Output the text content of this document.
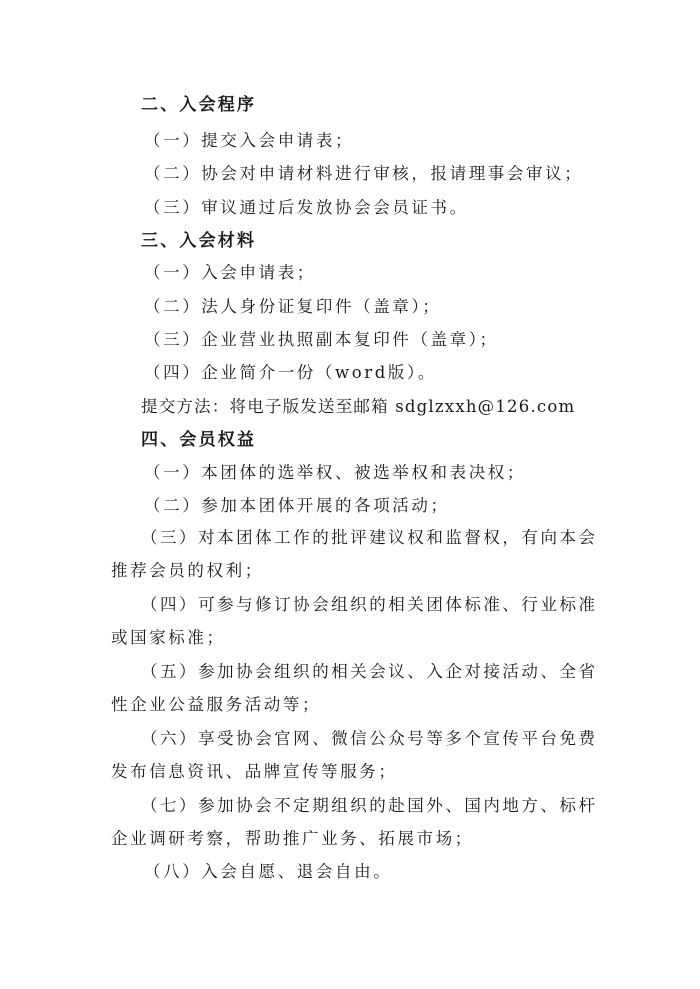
二、入会程序
（一）提交入会申请表；
（二）协会对申请材料进行审核，报请理事会审议；
（三）审议通过后发放协会会员证书。
三、入会材料
（一）入会申请表；
（二）法人身份证复印件（盖章）；
（三）企业营业执照副本复印件（盖章）；
（四）企业简介一份（word版）。
提交方法：将电子版发送至邮箱 sdglzxxh@126.com
四、会员权益
（一）本团体的选举权、被选举权和表决权；
（二）参加本团体开展的各项活动；
（三）对本团体工作的批评建议权和监督权，有向本会
推荐会员的权利；
（四）可参与修订协会组织的相关团体标准、行业标准
或国家标准；
（五）参加协会组织的相关会议、入企对接活动、全省
性企业公益服务活动等；
（六）享受协会官网、微信公众号等多个宣传平台免费
发布信息资讯、品牌宣传等服务；
（七）参加协会不定期组织的赴国外、国内地方、标杆
企业调研考察，帮助推广业务、拓展市场；
（八）入会自愿、退会自由。
